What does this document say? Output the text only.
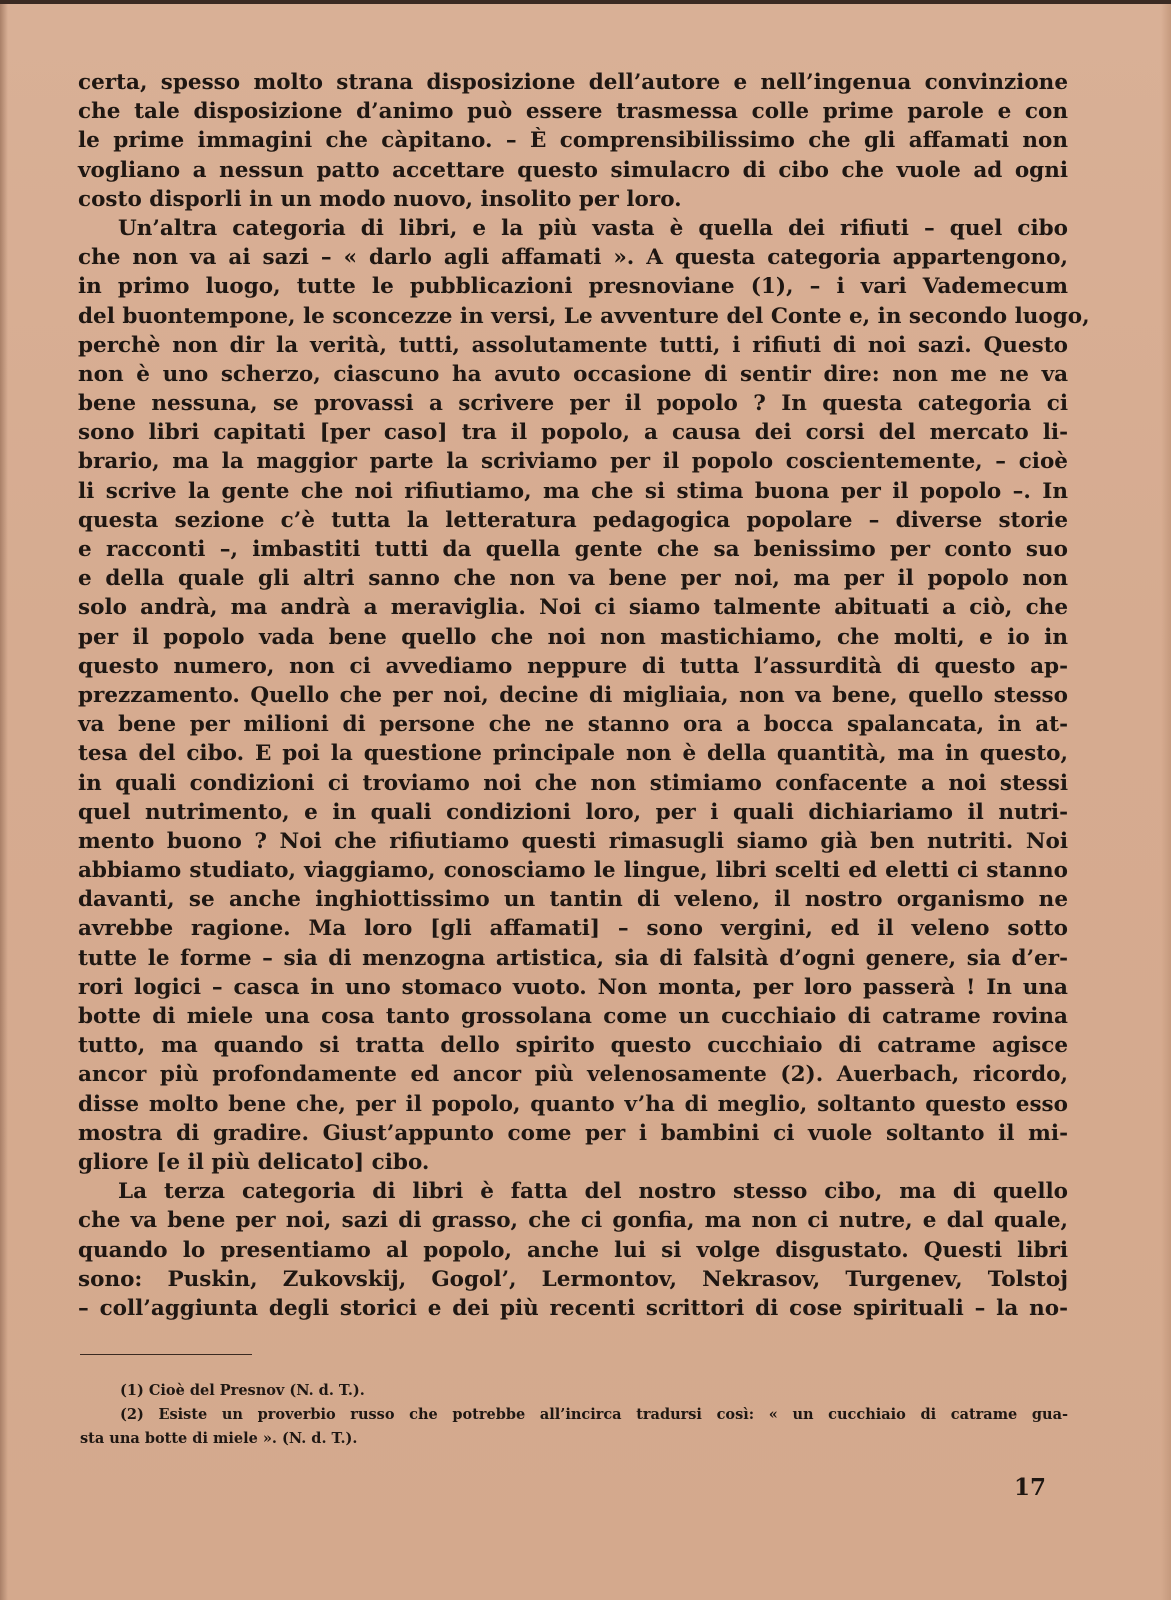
certa, spesso molto strana disposizione dell’autore e nell’ingenua convinzione
che tale disposizione d’animo può essere trasmessa colle prime parole e con
le prime immagini che càpitano. – È comprensibilissimo che gli affamati non
vogliano a nessun patto accettare questo simulacro di cibo che vuole ad ogni
costo disporli in un modo nuovo, insolito per loro.
Un’altra categoria di libri, e la più vasta è quella dei rifiuti – quel cibo
che non va ai sazi – « darlo agli affamati ». A questa categoria appartengono,
in primo luogo, tutte le pubblicazioni presnoviane (1), – i vari Vademecum
del buontempone, le sconcezze in versi, Le avventure del Conte e, in secondo luogo,
perchè non dir la verità, tutti, assolutamente tutti, i rifiuti di noi sazi. Questo
non è uno scherzo, ciascuno ha avuto occasione di sentir dire: non me ne va
bene nessuna, se provassi a scrivere per il popolo ? In questa categoria ci
sono libri capitati [per caso] tra il popolo, a causa dei corsi del mercato li-
brario, ma la maggior parte la scriviamo per il popolo coscientemente, – cioè
li scrive la gente che noi rifiutiamo, ma che si stima buona per il popolo –. In
questa sezione c’è tutta la letteratura pedagogica popolare – diverse storie
e racconti –, imbastiti tutti da quella gente che sa benissimo per conto suo
e della quale gli altri sanno che non va bene per noi, ma per il popolo non
solo andrà, ma andrà a meraviglia. Noi ci siamo talmente abituati a ciò, che
per il popolo vada bene quello che noi non mastichiamo, che molti, e io in
questo numero, non ci avvediamo neppure di tutta l’assurdità di questo ap-
prezzamento. Quello che per noi, decine di migliaia, non va bene, quello stesso
va bene per milioni di persone che ne stanno ora a bocca spalancata, in at-
tesa del cibo. E poi la questione principale non è della quantità, ma in questo,
in quali condizioni ci troviamo noi che non stimiamo confacente a noi stessi
quel nutrimento, e in quali condizioni loro, per i quali dichiariamo il nutri-
mento buono ? Noi che rifiutiamo questi rimasugli siamo già ben nutriti. Noi
abbiamo studiato, viaggiamo, conosciamo le lingue, libri scelti ed eletti ci stanno
davanti, se anche inghiottissimo un tantin di veleno, il nostro organismo ne
avrebbe ragione. Ma loro [gli affamati] – sono vergini, ed il veleno sotto
tutte le forme – sia di menzogna artistica, sia di falsità d’ogni genere, sia d’er-
rori logici – casca in uno stomaco vuoto. Non monta, per loro passerà ! In una
botte di miele una cosa tanto grossolana come un cucchiaio di catrame rovina
tutto, ma quando si tratta dello spirito questo cucchiaio di catrame agisce
ancor più profondamente ed ancor più velenosamente (2). Auerbach, ricordo,
disse molto bene che, per il popolo, quanto v’ha di meglio, soltanto questo esso
mostra di gradire. Giust’appunto come per i bambini ci vuole soltanto il mi-
gliore [e il più delicato] cibo.
La terza categoria di libri è fatta del nostro stesso cibo, ma di quello
che va bene per noi, sazi di grasso, che ci gonfia, ma non ci nutre, e dal quale,
quando lo presentiamo al popolo, anche lui si volge disgustato. Questi libri
sono: Puskin, Zukovskij, Gogol’, Lermontov, Nekrasov, Turgenev, Tolstoj
– coll’aggiunta degli storici e dei più recenti scrittori di cose spirituali – la no-
(1) Cioè del Presnov (N. d. T.).
(2) Esiste un proverbio russo che potrebbe all’incirca tradursi così: « un cucchiaio di catrame gua-
sta una botte di miele ». (N. d. T.).
17
